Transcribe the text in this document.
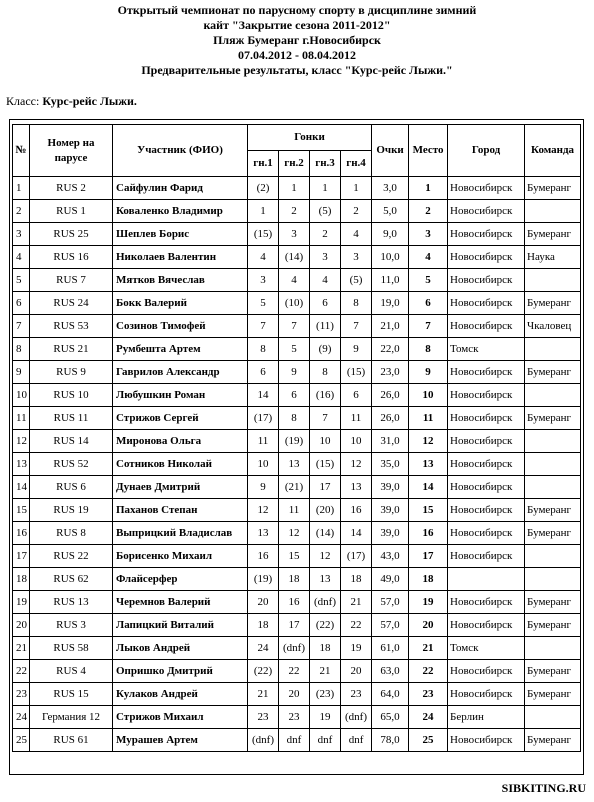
Открытый чемпионат по парусному спорту в дисциплине зимний
кайт "Закрытие сезона 2011-2012"
Пляж Бумеранг г.Новосибирск
07.04.2012 - 08.04.2012
Предварительные результаты, класс "Курс-рейс Лыжи."
Класс: Курс-рейс Лыжи.
№	Номер на парусе	Участник (ФИО)	Гонки				Очки	Место	Город	Команда
			гн.1	гн.2	гн.3	гн.4				
1	RUS 2	Сайфулин Фарид	(2)	1	1	1	3,0	1	Новосибирск	Бумеранг
2	RUS 1	Коваленко Владимир	1	2	(5)	2	5,0	2	Новосибирск	
3	RUS 25	Шеплев Борис	(15)	3	2	4	9,0	3	Новосибирск	Бумеранг
4	RUS 16	Николаев Валентин	4	(14)	3	3	10,0	4	Новосибирск	Наука
5	RUS 7	Мятков Вячеслав	3	4	4	(5)	11,0	5	Новосибирск	
6	RUS 24	Бокк Валерий	5	(10)	6	8	19,0	6	Новосибирск	Бумеранг
7	RUS 53	Созинов Тимофей	7	7	(11)	7	21,0	7	Новосибирск	Чкаловец
8	RUS 21	Румбешта Артем	8	5	(9)	9	22,0	8	Томск	
9	RUS 9	Гаврилов Александр	6	9	8	(15)	23,0	9	Новосибирск	Бумеранг
10	RUS 10	Любушкин Роман	14	6	(16)	6	26,0	10	Новосибирск	
11	RUS 11	Стрижов Сергей	(17)	8	7	11	26,0	11	Новосибирск	Бумеранг
12	RUS 14	Миронова Ольга	11	(19)	10	10	31,0	12	Новосибирск	
13	RUS 52	Сотников Николай	10	13	(15)	12	35,0	13	Новосибирск	
14	RUS 6	Дунаев Дмитрий	9	(21)	17	13	39,0	14	Новосибирск	
15	RUS 19	Паханов Степан	12	11	(20)	16	39,0	15	Новосибирск	Бумеранг
16	RUS 8	Выприцкий Владислав	13	12	(14)	14	39,0	16	Новосибирск	Бумеранг
17	RUS 22	Борисенко Михаил	16	15	12	(17)	43,0	17	Новосибирск	
18	RUS 62	Флайсерфер	(19)	18	13	18	49,0	18		
19	RUS 13	Черемнов Валерий	20	16	(dnf)	21	57,0	19	Новосибирск	Бумеранг
20	RUS 3	Лапицкий Виталий	18	17	(22)	22	57,0	20	Новосибирск	Бумеранг
21	RUS 58	Лыков Андрей	24	(dnf)	18	19	61,0	21	Томск	
22	RUS 4	Опришко Дмитрий	(22)	22	21	20	63,0	22	Новосибирск	Бумеранг
23	RUS 15	Кулаков Андрей	21	20	(23)	23	64,0	23	Новосибирск	Бумеранг
24	Германия 12	Стрижов Михаил	23	23	19	(dnf)	65,0	24	Берлин	
25	RUS 61	Мурашев Артем	(dnf)	dnf	dnf	dnf	78,0	25	Новосибирск	Бумеранг
SIBKITING.RU
